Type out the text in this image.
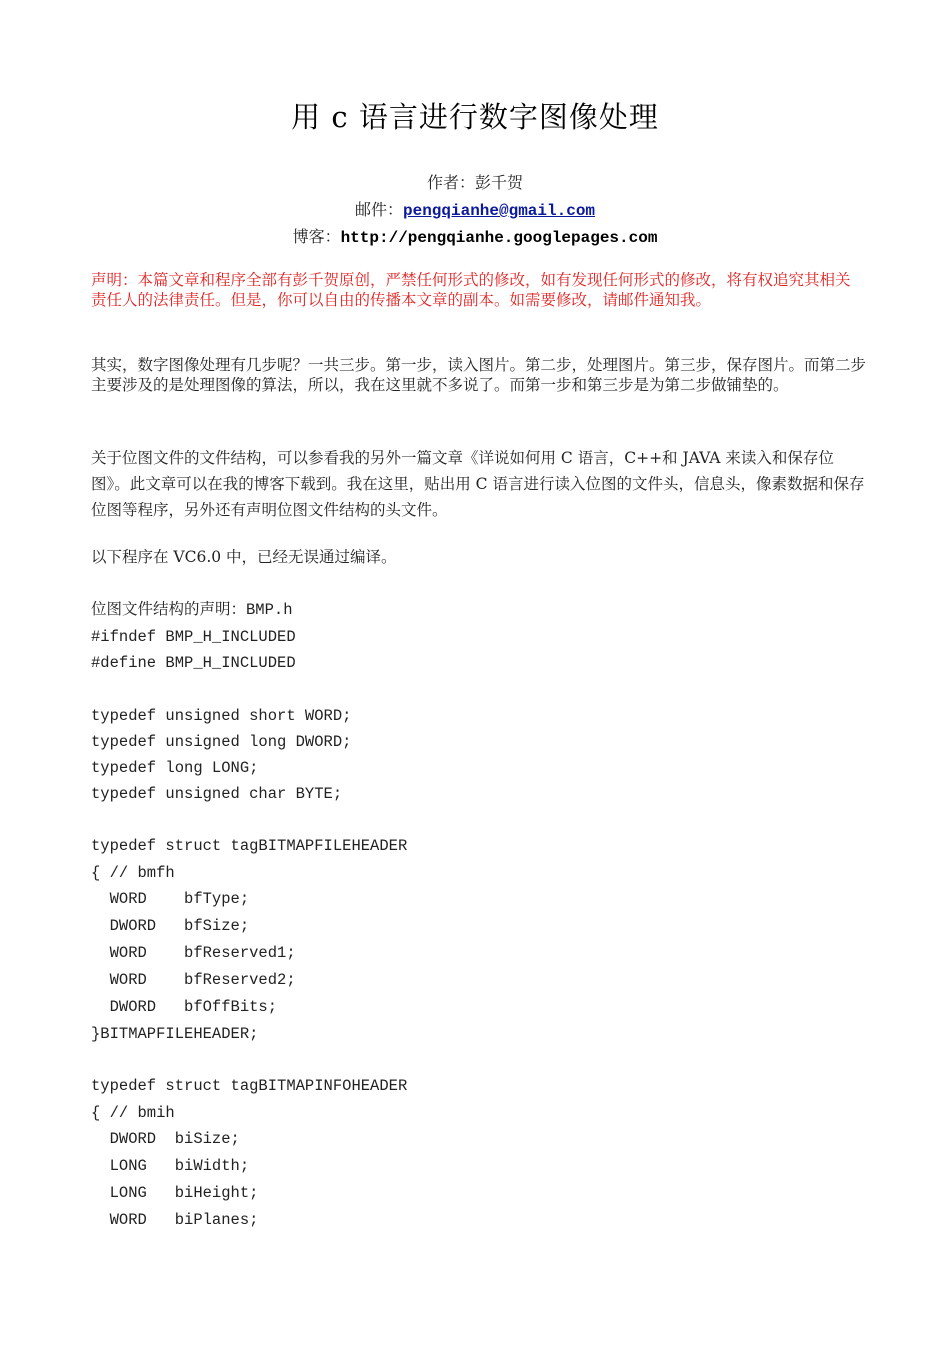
用 c 语言进行数字图像处理
作者：彭千贺
邮件：pengqianhe@gmail.com
博客：http://pengqianhe.googlepages.com
声明：本篇文章和程序全部有彭千贺原创，严禁任何形式的修改，如有发现任何形式的修改，将有权追究其相关责任人的法律责任。但是，你可以自由的传播本文章的副本。如需要修改，请邮件通知我。
其实，数字图像处理有几步呢？一共三步。第一步，读入图片。第二步，处理图片。第三步，保存图片。而第二步主要涉及的是处理图像的算法，所以，我在这里就不多说了。而第一步和第三步是为第二步做铺垫的。
关于位图文件的文件结构，可以参看我的另外一篇文章《详说如何用 C 语言，C++和 JAVA 来读入和保存位图》。此文章可以在我的博客下载到。我在这里，贴出用 C 语言进行读入位图的文件头，信息头，像素数据和保存位图等程序，另外还有声明位图文件结构的头文件。
以下程序在 VC6.0 中，已经无误通过编译。
位图文件结构的声明：BMP.h
#ifndef BMP_H_INCLUDED
#define BMP_H_INCLUDED
typedef unsigned short WORD;
typedef unsigned long DWORD;
typedef long LONG;
typedef unsigned char BYTE;
typedef struct tagBITMAPFILEHEADER
{ // bmfh
WORD    bfType;
DWORD   bfSize;
WORD    bfReserved1;
WORD    bfReserved2;
DWORD   bfOffBits;
}BITMAPFILEHEADER;
typedef struct tagBITMAPINFOHEADER
{ // bmih
DWORD  biSize;
LONG   biWidth;
LONG   biHeight;
WORD   biPlanes;
